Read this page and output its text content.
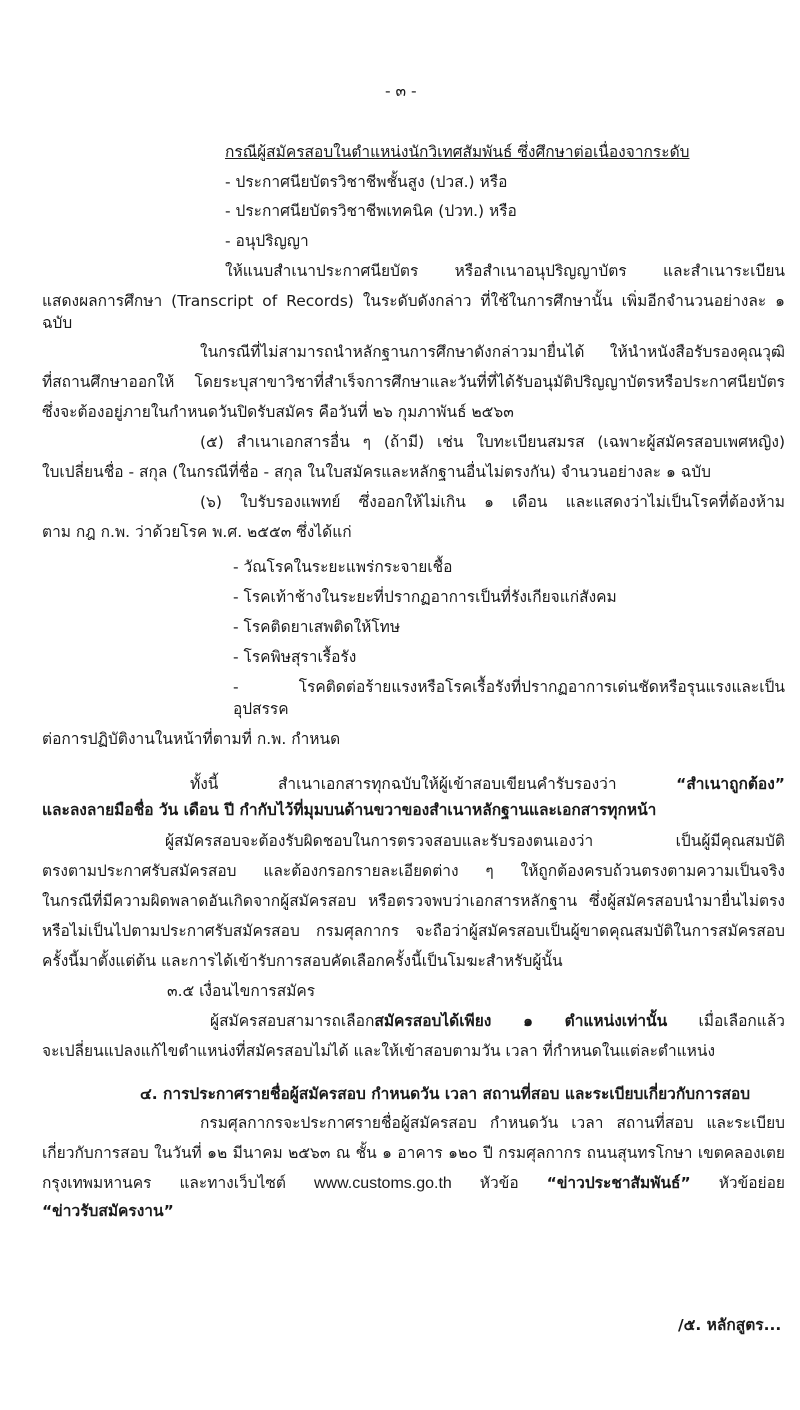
- ๓ -
กรณีผู้สมัครสอบในตำแหน่งนักวิเทศสัมพันธ์ ซึ่งศึกษาต่อเนื่องจากระดับ
- ประกาศนียบัตรวิชาชีพชั้นสูง (ปวส.) หรือ
- ประกาศนียบัตรวิชาชีพเทคนิค (ปวท.) หรือ
- อนุปริญญา
ให้แนบสำเนาประกาศนียบัตร หรือสำเนาอนุปริญญาบัตร และสำเนาระเบียน
แสดงผลการศึกษา (Transcript of Records) ในระดับดังกล่าว ที่ใช้ในการศึกษานั้น เพิ่มอีกจำนวนอย่างละ ๑ ฉบับ
ในกรณีที่ไม่สามารถนำหลักฐานการศึกษาดังกล่าวมายื่นได้ ให้นำหนังสือรับรองคุณวุฒิ
ที่สถานศึกษาออกให้ โดยระบุสาขาวิชาที่สำเร็จการศึกษาและวันที่ที่ได้รับอนุมัติปริญญาบัตรหรือประกาศนียบัตร
ซึ่งจะต้องอยู่ภายในกำหนดวันปิดรับสมัคร คือวันที่ ๒๖ กุมภาพันธ์ ๒๕๖๓
(๕) สำเนาเอกสารอื่น ๆ (ถ้ามี) เช่น ใบทะเบียนสมรส (เฉพาะผู้สมัครสอบเพศหญิง)
ใบเปลี่ยนชื่อ - สกุล (ในกรณีที่ชื่อ - สกุล ในใบสมัครและหลักฐานอื่นไม่ตรงกัน) จำนวนอย่างละ ๑ ฉบับ
(๖) ใบรับรองแพทย์ ซึ่งออกให้ไม่เกิน ๑ เดือน และแสดงว่าไม่เป็นโรคที่ต้องห้าม
ตาม กฎ ก.พ. ว่าด้วยโรค พ.ศ. ๒๕๕๓ ซึ่งได้แก่
- วัณโรคในระยะแพร่กระจายเชื้อ
- โรคเท้าช้างในระยะที่ปรากฏอาการเป็นที่รังเกียจแก่สังคม
- โรคติดยาเสพติดให้โทษ
- โรคพิษสุราเรื้อรัง
- โรคติดต่อร้ายแรงหรือโรคเรื้อรังที่ปรากฏอาการเด่นชัดหรือรุนแรงและเป็นอุปสรรค
ต่อการปฏิบัติงานในหน้าที่ตามที่ ก.พ. กำหนด
ทั้งนี้ สำเนาเอกสารทุกฉบับให้ผู้เข้าสอบเขียนคำรับรองว่า “สำเนาถูกต้อง”
และลงลายมือชื่อ วัน เดือน ปี กำกับไว้ที่มุมบนด้านขวาของสำเนาหลักฐานและเอกสารทุกหน้า
ผู้สมัครสอบจะต้องรับผิดชอบในการตรวจสอบและรับรองตนเองว่า เป็นผู้มีคุณสมบัติ
ตรงตามประกาศรับสมัครสอบ และต้องกรอกรายละเอียดต่าง ๆ ให้ถูกต้องครบถ้วนตรงตามความเป็นจริง
ในกรณีที่มีความผิดพลาดอันเกิดจากผู้สมัครสอบ หรือตรวจพบว่าเอกสารหลักฐาน ซึ่งผู้สมัครสอบนำมายื่นไม่ตรง
หรือไม่เป็นไปตามประกาศรับสมัครสอบ กรมศุลกากร จะถือว่าผู้สมัครสอบเป็นผู้ขาดคุณสมบัติในการสมัครสอบ
ครั้งนี้มาตั้งแต่ต้น และการได้เข้ารับการสอบคัดเลือกครั้งนี้เป็นโมฆะสำหรับผู้นั้น
๓.๕ เงื่อนไขการสมัคร
ผู้สมัครสอบสามารถเลือกสมัครสอบได้เพียง ๑ ตำแหน่งเท่านั้น เมื่อเลือกแล้ว
จะเปลี่ยนแปลงแก้ไขตำแหน่งที่สมัครสอบไม่ได้ และให้เข้าสอบตามวัน เวลา ที่กำหนดในแต่ละตำแหน่ง
๔. การประกาศรายชื่อผู้สมัครสอบ กำหนดวัน เวลา สถานที่สอบ และระเบียบเกี่ยวกับการสอบ
กรมศุลกากรจะประกาศรายชื่อผู้สมัครสอบ กำหนดวัน เวลา สถานที่สอบ และระเบียบ
เกี่ยวกับการสอบ ในวันที่ ๑๒ มีนาคม ๒๕๖๓ ณ ชั้น ๑ อาคาร ๑๒๐ ปี กรมศุลกากร ถนนสุนทรโกษา เขตคลองเตย
กรุงเทพมหานคร และทางเว็บไซต์ www.customs.go.th หัวข้อ “ข่าวประชาสัมพันธ์” หัวข้อย่อย
“ข่าวรับสมัครงาน”
/๕. หลักสูตร...
